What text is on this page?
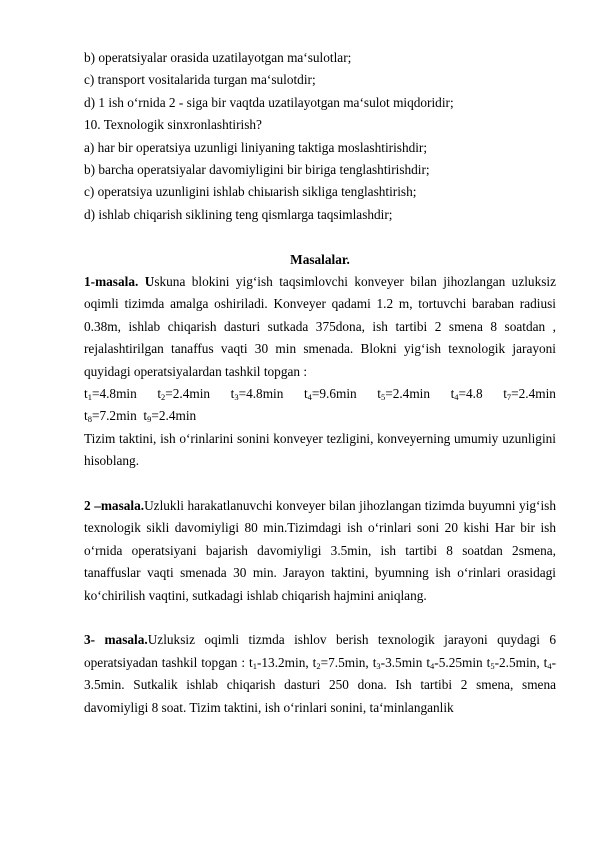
b) operatsiyalar orasida uzatilayotgan ma‘sulotlar;
c) transport vositalarida turgan ma‘sulotdir;
d) 1 ish o‘rnida 2 - siga bir vaqtda uzatilayotgan ma‘sulot miqdoridir;
10. Texnologik sinxronlashtirish?
a) har bir operatsiya uzunligi liniyaning taktiga moslashtirishdir;
b) barcha operatsiyalar davomiyligini bir biriga tenglashtirishdir;
c) operatsiya uzunligini ishlab chiыarish sikliga tenglashtirish;
d) ishlab chiqarish siklining teng qismlarga taqsimlashdir;
Masalalar.
1-masala. Uskuna blokini yig‘ish taqsimlovchi konveyer bilan jihozlangan uzluksiz oqimli tizimda amalga oshiriladi. Konveyer qadami 1.2 m, tortuvchi baraban radiusi 0.38m, ishlab chiqarish dasturi sutkada 375dona, ish tartibi 2 smena 8 soatdan , rejalashtirilgan tanaffus vaqti 30 min smenada. Blokni yig‘ish texnologik jarayoni quyidagi operatsiyalardan tashkil topgan :
$t_1=4.8\min$ $t_2=2.4\min$ $t_3=4.8\min$ $t_4=9.6\min$ $t_5=2.4\min$ $t_4=4.8$ $t_7=2.4\min$
$t_8=7.2\min$ $t_9=2.4\min$
Tizim taktini, ish o‘rinlarini sonini konveyer tezligini, konveyerning umumiy uzunligini hisoblang.
2 –masala.Uzlukli harakatlanuvchi konveyer bilan jihozlangan tizimda buyumni yig‘ish texnologik sikli davomiyligi 80 min.Tizimdagi ish o‘rinlari soni 20 kishi Har bir ish o‘rnida operatsiyani bajarish davomiyligi 3.5min, ish tartibi 8 soatdan 2smena, tanaffuslar vaqti smenada 30 min. Jarayon taktini, byumning ish o‘rinlari orasidagi ko‘chirilish vaqtini, sutkadagi ishlab chiqarish hajmini aniqlang.
3- masala.Uzluksiz oqimli tizmda ishlov berish texnologik jarayoni quydagi 6 operatsiyadan tashkil topgan : $t_1-13.2\min$, $t_2=7.5\min$, $t_3-3.5\min$ $t_4-5.25\min$ $t_5-2.5\min$, $t_4-3.5\min$. Sutkalik ishlab chiqarish dasturi 250 dona. Ish tartibi 2 smena, smena davomiyligi 8 soat. Tizim taktini, ish o‘rinlari sonini, ta‘minlanganlik
